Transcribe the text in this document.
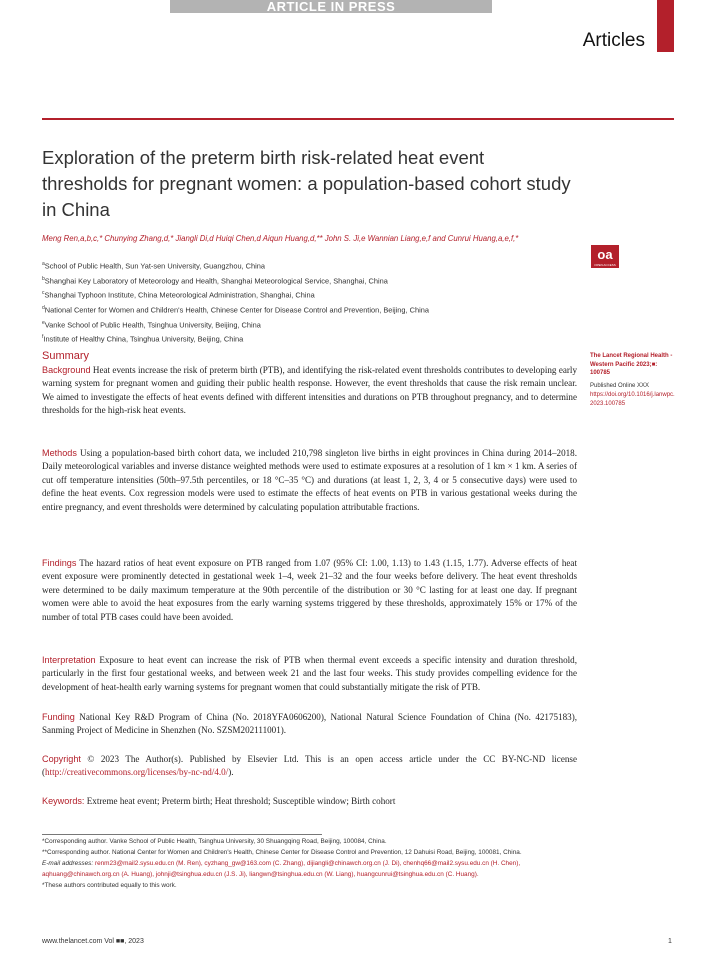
ARTICLE IN PRESS
Articles
Exploration of the preterm birth risk-related heat event thresholds for pregnant women: a population-based cohort study in China
Meng Ren,a,b,c,* Chunying Zhang,d,* Jiangli Di,d Huiqi Chen,d Aiqun Huang,d,** John S. Ji,e Wannian Liang,e,f and Cunrui Huang,a,e,f,*
oa
OPEN ACCESS
$^a$School of Public Health, Sun Yat-sen University, Guangzhou, China
$^b$Shanghai Key Laboratory of Meteorology and Health, Shanghai Meteorological Service, Shanghai, China
$^c$Shanghai Typhoon Institute, China Meteorological Administration, Shanghai, China
$^d$National Center for Women and Children's Health, Chinese Center for Disease Control and Prevention, Beijing, China
$^e$Vanke School of Public Health, Tsinghua University, Beijing, China
$^f$Institute of Healthy China, Tsinghua University, Beijing, China
Summary	The Lancet Regional Health - Western Pacific 2023;■: 100785
Published Online XXX
https://doi.org/10.1016/j.lanwpc.2023.100785

Background Heat events increase the risk of preterm birth (PTB), and identifying the risk-related event thresholds contributes to developing early warning system for pregnant women and guiding their public health response. However, the event thresholds that cause the risk remain unclear. We aimed to investigate the effects of heat events defined with different intensities and durations on PTB throughout pregnancy, and to determine thresholds for the high-risk heat events.

Methods Using a population-based birth cohort data, we included 210,798 singleton live births in eight provinces in China during 2014–2018. Daily meteorological variables and inverse distance weighted methods were used to estimate exposures at a resolution of 1 km × 1 km. A series of cut off temperature intensities (50th–97.5th percentiles, or 18 °C–35 °C) and durations (at least 1, 2, 3, 4 or 5 consecutive days) were used to define the heat events. Cox regression models were used to estimate the effects of heat events on PTB in various gestational weeks during the entire pregnancy, and event thresholds were determined by calculating population attributable fractions.

Findings The hazard ratios of heat event exposure on PTB ranged from 1.07 (95% CI: 1.00, 1.13) to 1.43 (1.15, 1.77). Adverse effects of heat event exposure were prominently detected in gestational week 1–4, week 21–32 and the four weeks before delivery. The heat event thresholds were determined to be daily maximum temperature at the 90th percentile of the distribution or 30 °C lasting for at least one day. If pregnant women were able to avoid the heat exposures from the early warning systems triggered by these thresholds, approximately 15% or 17% of the number of total PTB cases could have been avoided.

Interpretation Exposure to heat event can increase the risk of PTB when thermal event exceeds a specific intensity and duration threshold, particularly in the first four gestational weeks, and between week 21 and the last four weeks. This study provides compelling evidence for the development of heat-health early warning systems for pregnant women that could substantially mitigate the risk of PTB.

Funding National Key R&D Program of China (No. 2018YFA0606200), National Natural Science Foundation of China (No. 42175183), Sanming Project of Medicine in Shenzhen (No. SZSM202111001).

Copyright © 2023 The Author(s). Published by Elsevier Ltd. This is an open access article under the CC BY-NC-ND license (http://creativecommons.org/licenses/by-nc-nd/4.0/).

Keywords: Extreme heat event; Preterm birth; Heat threshold; Susceptible window; Birth cohort

*Corresponding author. Vanke School of Public Health, Tsinghua University, 30 Shuangqing Road, Beijing, 100084, China.

**Corresponding author. National Center for Women and Children's Health, Chinese Center for Disease Control and Prevention, 12 Dahuisi Road, Beijing, 100081, China.

E-mail addresses: renm23@mail2.sysu.edu.cn (M. Ren), cyzhang_gw@163.com (C. Zhang), dijiangli@chinawch.org.cn (J. Di), chenhq66@mail2.sysu.edu.cn (H. Chen), aqhuang@chinawch.org.cn (A. Huang), johnji@tsinghua.edu.cn (J.S. Ji), liangwn@tsinghua.edu.cn (W. Liang), huangcunrui@tsinghua.edu.cn (C. Huang).

*These authors contributed equally to this work.

www.thelancet.com Vol ■■, 2023	1
